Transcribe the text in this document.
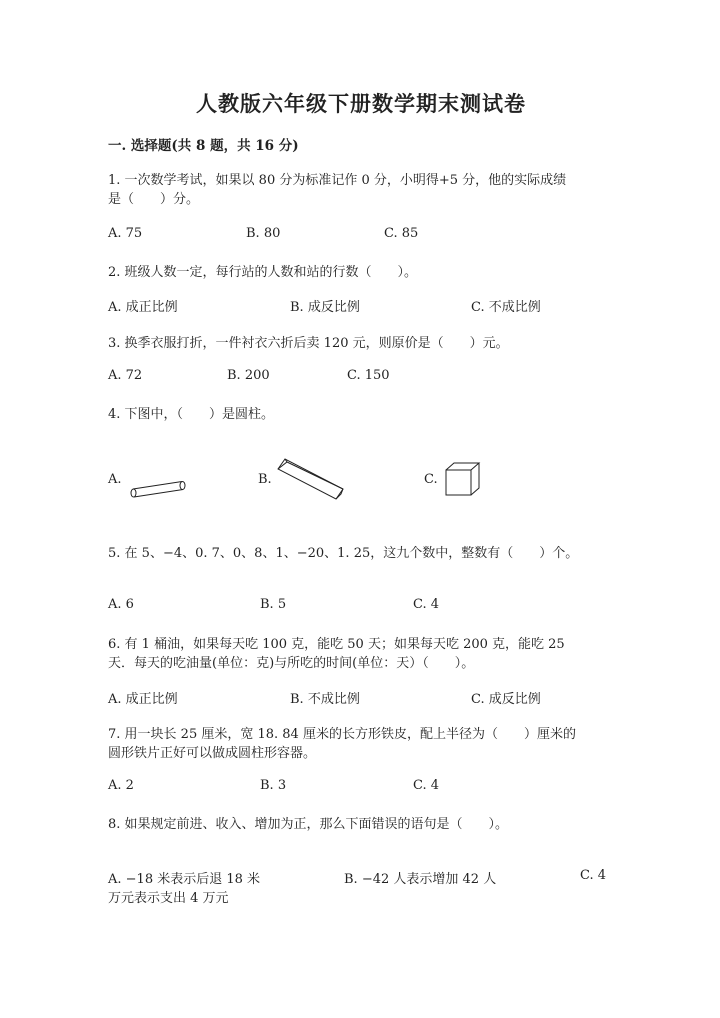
人教版六年级下册数学期末测试卷
一. 选择题(共 8 题，共 16 分)
1. 一次数学考试，如果以 80 分为标准记作 0 分，小明得+5 分，他的实际成绩
是（　　）分。
A. 75	B. 80	C. 85
2. 班级人数一定，每行站的人数和站的行数（　　）。
A. 成正比例	B. 成反比例	C. 不成比例
3. 换季衣服打折，一件衬衣六折后卖 120 元，则原价是（　　）元。
A. 72	B. 200	C. 150
4. 下图中，（　　）是圆柱。
A.	B.	C.
5. 在 5、−4、0. 7、0、8、1、−20、1. 25，这九个数中，整数有（　　）个。
A. 6	B. 5	C. 4
6. 有 1 桶油，如果每天吃 100 克，能吃 50 天；如果每天吃 200 克，能吃 25
天．每天的吃油量(单位：克)与所吃的时间(单位：天）（　　）。
A. 成正比例	B. 不成比例	C. 成反比例
7. 用一块长 25 厘米，宽 18. 84 厘米的长方形铁皮，配上半径为（　　）厘米的
圆形铁片正好可以做成圆柱形容器。
A. 2	B. 3	C. 4
8. 如果规定前进、收入、增加为正，那么下面错误的语句是（　　）。
A. −18 米表示后退 18 米	B. −42 人表示增加 42 人	C. 4
万元表示支出 4 万元
